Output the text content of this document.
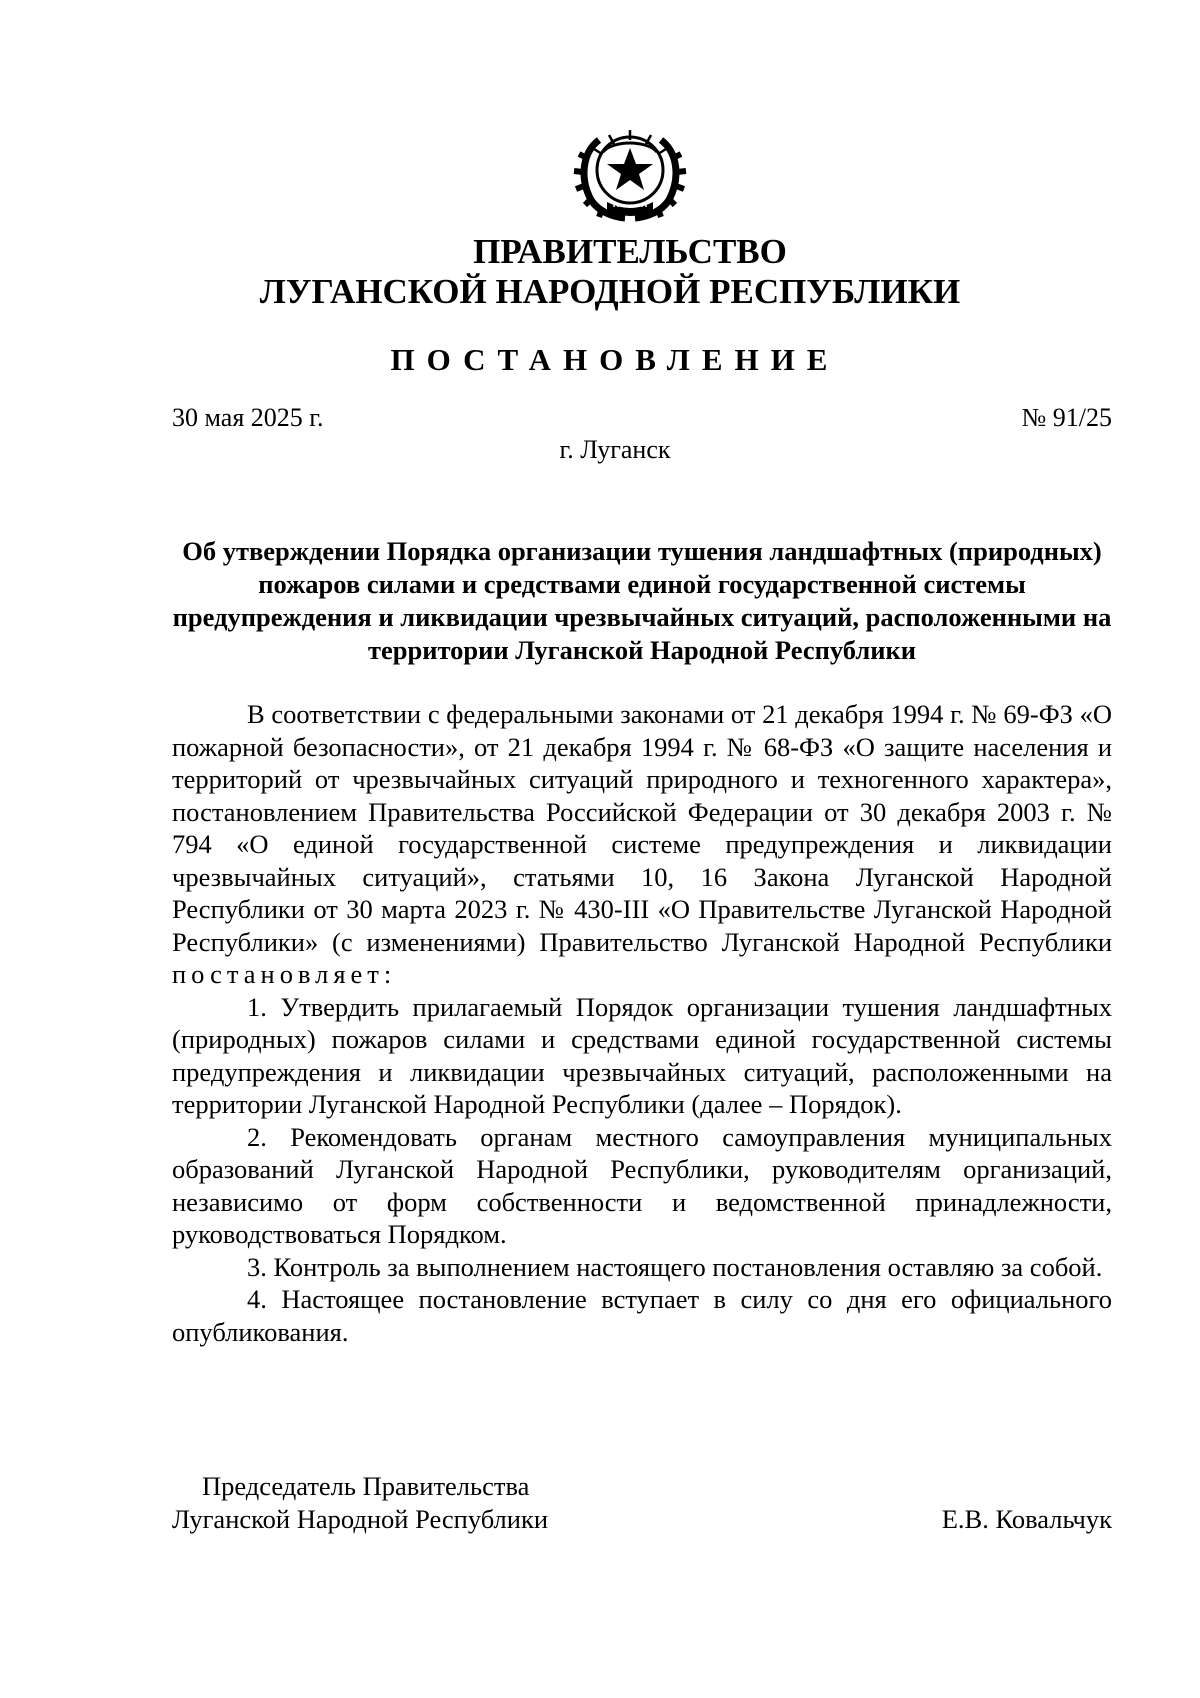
ПРАВИТЕЛЬСТВО
ЛУГАНСКОЙ НАРОДНОЙ РЕСПУБЛИКИ
ПОСТАНОВЛЕНИЕ
30 мая 2025 г.	№ 91/25
г. Луганск
Об утверждении Порядка организации тушения ландшафтных (природных) пожаров силами и средствами единой государственной системы предупреждения и ликвидации чрезвычайных ситуаций, расположенными на территории Луганской Народной Республики

В соответствии с федеральными законами от 21 декабря 1994 г. № 69-ФЗ «О пожарной безопасности», от 21 декабря 1994 г. № 68-ФЗ «О защите населения и территорий от чрезвычайных ситуаций природного и техногенного характера», постановлением Правительства Российской Федерации от 30 декабря 2003 г. № 794 «О единой государственной системе предупреждения и ликвидации чрезвычайных ситуаций», статьями 10, 16 Закона Луганской Народной Республики от 30 марта 2023 г. № 430-III «О Правительстве Луганской Народной Республики» (с изменениями) Правительство Луганской Народной Республики постановляет:

1. Утвердить прилагаемый Порядок организации тушения ландшафтных (природных) пожаров силами и средствами единой государственной системы предупреждения и ликвидации чрезвычайных ситуаций, расположенными на территории Луганской Народной Республики (далее – Порядок).

2. Рекомендовать органам местного самоуправления муниципальных образований Луганской Народной Республики, руководителям организаций, независимо от форм собственности и ведомственной принадлежности, руководствоваться Порядком.

3. Контроль за выполнением настоящего постановления оставляю за собой.

4. Настоящее постановление вступает в силу со дня его официального опубликования.

Председатель Правительства
Луганской Народной Республики	Е.В. Ковальчук
